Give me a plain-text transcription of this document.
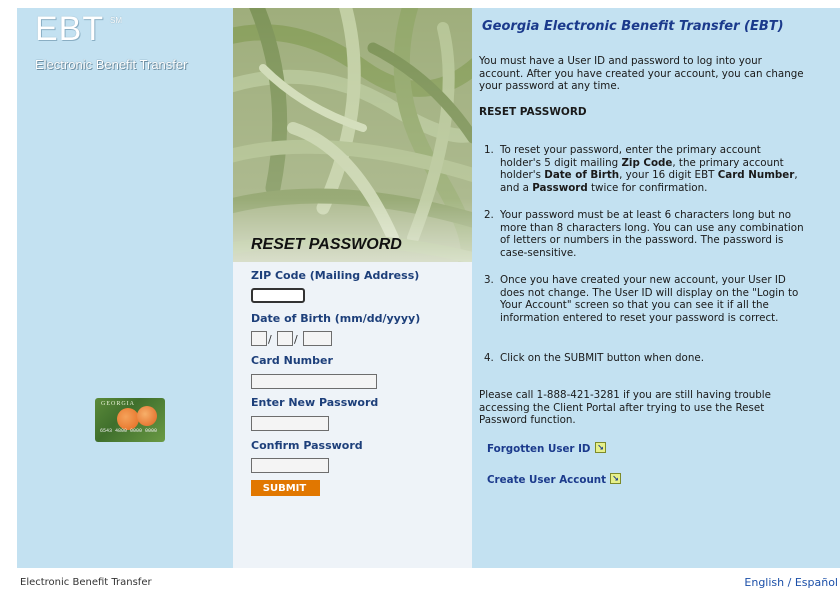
EBT SM
Electronic Benefit Transfer
GEORGIA
6543 4800 0000 0000
RESET PASSWORD
ZIP Code (Mailing Address)
Date of Birth (mm/dd/yyyy)
/ /
Card Number
Enter New Password
Confirm Password
SUBMIT
Georgia Electronic Benefit Transfer (EBT)
You must have a User ID and password to log into your account. After you have created your account, you can change your password at any time.
RESET PASSWORD
1. To reset your password, enter the primary account holder's 5 digit mailing Zip Code, the primary account holder's Date of Birth, your 16 digit EBT Card Number, and a Password twice for confirmation.
2. Your password must be at least 6 characters long but no more than 8 characters long. You can use any combination of letters or numbers in the password. The password is case-sensitive.
3. Once you have created your new account, your User ID does not change. The User ID will display on the "Login to Your Account" screen so that you can see it if all the information entered to reset your password is correct.
4. Click on the SUBMIT button when done.
Please call 1-888-421-3281 if you are still having trouble accessing the Client Portal after trying to use the Reset Password function.
Forgotten User ID ↘
Create User Account ↘
Electronic Benefit Transfer	English / Español
